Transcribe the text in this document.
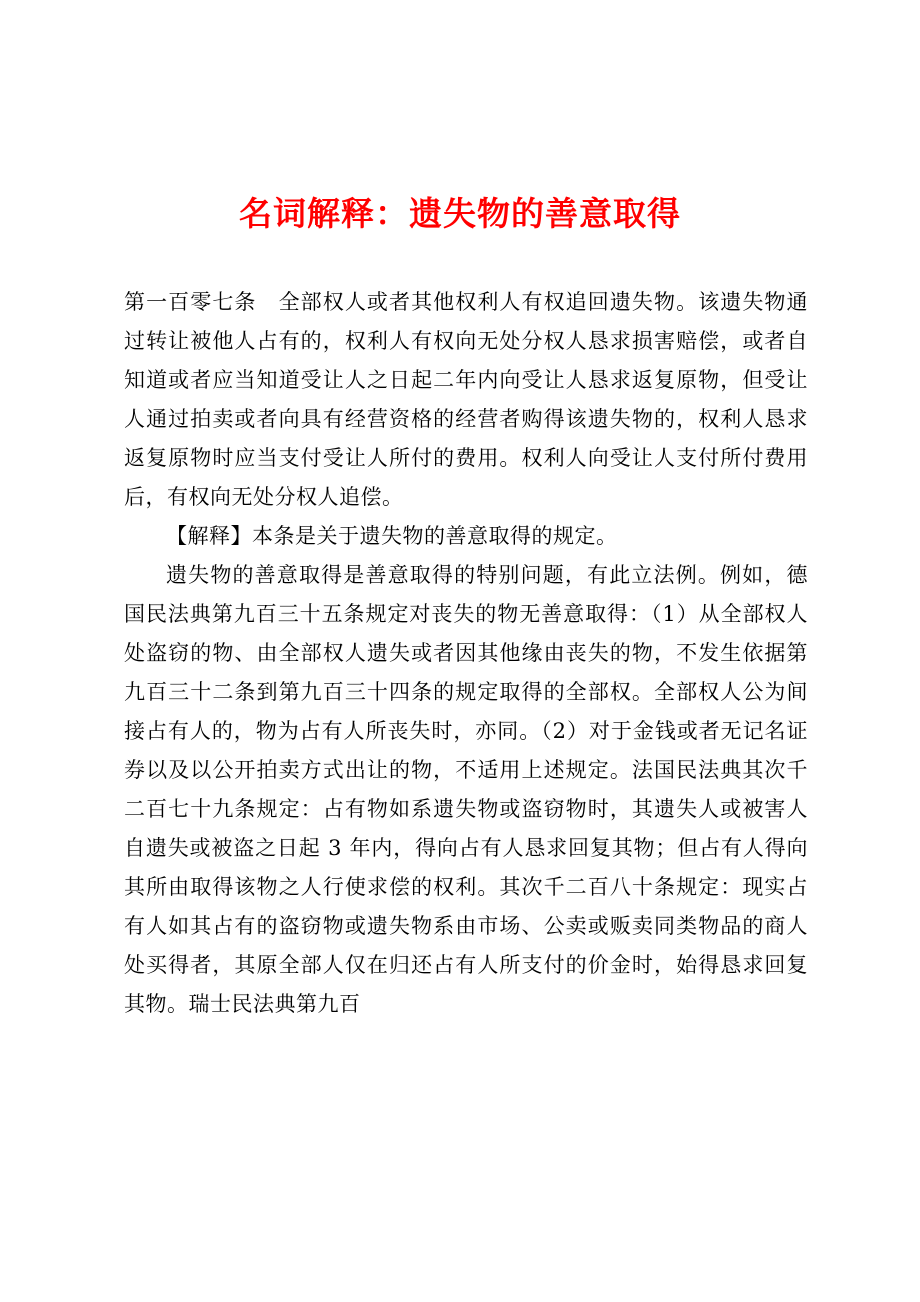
名词解释：遗失物的善意取得

第一百零七条　全部权人或者其他权利人有权追回遗失物。该遗失物通过转让被他人占有的，权利人有权向无处分权人恳求损害赔偿，或者自知道或者应当知道受让人之日起二年内向受让人恳求返复原物，但受让人通过拍卖或者向具有经营资格的经营者购得该遗失物的，权利人恳求返复原物时应当支付受让人所付的费用。权利人向受让人支付所付费用后，有权向无处分权人追偿。

【解释】本条是关于遗失物的善意取得的规定。

遗失物的善意取得是善意取得的特别问题，有此立法例。例如，德国民法典第九百三十五条规定对丧失的物无善意取得：（1）从全部权人处盗窃的物、由全部权人遗失或者因其他缘由丧失的物，不发生依据第九百三十二条到第九百三十四条的规定取得的全部权。全部权人公为间接占有人的，物为占有人所丧失时，亦同。（2）对于金钱或者无记名证券以及以公开拍卖方式出让的物，不适用上述规定。法国民法典其次千二百七十九条规定：占有物如系遗失物或盗窃物时，其遗失人或被害人自遗失或被盗之日起 3 年内，得向占有人恳求回复其物；但占有人得向其所由取得该物之人行使求偿的权利。其次千二百八十条规定：现实占有人如其占有的盗窃物或遗失物系由市场、公卖或贩卖同类物品的商人处买得者，其原全部人仅在归还占有人所支付的价金时，始得恳求回复其物。瑞士民法典第九百
